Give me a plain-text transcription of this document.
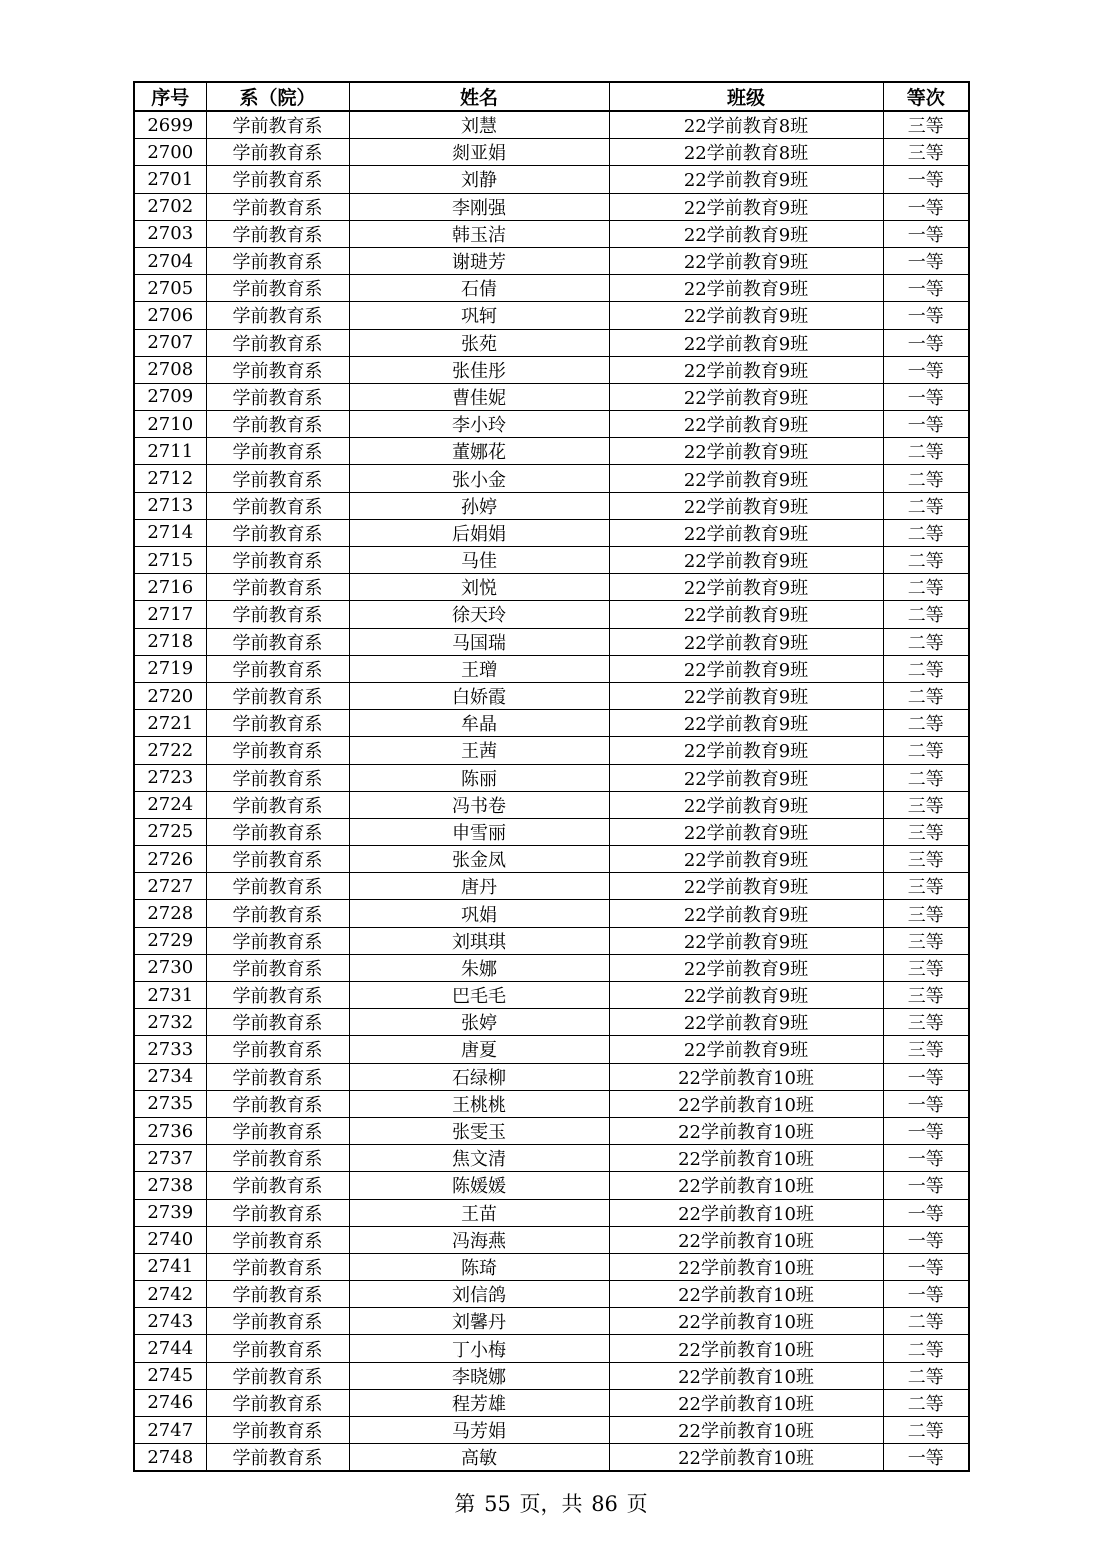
序号	系（院）	姓名	班级	等次
2699	学前教育系	刘慧	22学前教育8班	三等
2700	学前教育系	剡亚娟	22学前教育8班	三等
2701	学前教育系	刘静	22学前教育9班	一等
2702	学前教育系	李刚强	22学前教育9班	一等
2703	学前教育系	韩玉洁	22学前教育9班	一等
2704	学前教育系	谢琎芳	22学前教育9班	一等
2705	学前教育系	石倩	22学前教育9班	一等
2706	学前教育系	巩轲	22学前教育9班	一等
2707	学前教育系	张苑	22学前教育9班	一等
2708	学前教育系	张佳彤	22学前教育9班	一等
2709	学前教育系	曹佳妮	22学前教育9班	一等
2710	学前教育系	李小玲	22学前教育9班	一等
2711	学前教育系	董娜花	22学前教育9班	二等
2712	学前教育系	张小金	22学前教育9班	二等
2713	学前教育系	孙婷	22学前教育9班	二等
2714	学前教育系	后娟娟	22学前教育9班	二等
2715	学前教育系	马佳	22学前教育9班	二等
2716	学前教育系	刘悦	22学前教育9班	二等
2717	学前教育系	徐天玲	22学前教育9班	二等
2718	学前教育系	马国瑞	22学前教育9班	二等
2719	学前教育系	王璔	22学前教育9班	二等
2720	学前教育系	白娇霞	22学前教育9班	二等
2721	学前教育系	牟晶	22学前教育9班	二等
2722	学前教育系	王茜	22学前教育9班	二等
2723	学前教育系	陈丽	22学前教育9班	二等
2724	学前教育系	冯书卷	22学前教育9班	三等
2725	学前教育系	申雪丽	22学前教育9班	三等
2726	学前教育系	张金凤	22学前教育9班	三等
2727	学前教育系	唐丹	22学前教育9班	三等
2728	学前教育系	巩娟	22学前教育9班	三等
2729	学前教育系	刘琪琪	22学前教育9班	三等
2730	学前教育系	朱娜	22学前教育9班	三等
2731	学前教育系	巴毛毛	22学前教育9班	三等
2732	学前教育系	张婷	22学前教育9班	三等
2733	学前教育系	唐夏	22学前教育9班	三等
2734	学前教育系	石绿柳	22学前教育10班	一等
2735	学前教育系	王桃桃	22学前教育10班	一等
2736	学前教育系	张雯玉	22学前教育10班	一等
2737	学前教育系	焦文清	22学前教育10班	一等
2738	学前教育系	陈媛媛	22学前教育10班	一等
2739	学前教育系	王苗	22学前教育10班	一等
2740	学前教育系	冯海燕	22学前教育10班	一等
2741	学前教育系	陈琦	22学前教育10班	一等
2742	学前教育系	刘信鸽	22学前教育10班	一等
2743	学前教育系	刘馨丹	22学前教育10班	二等
2744	学前教育系	丁小梅	22学前教育10班	二等
2745	学前教育系	李晓娜	22学前教育10班	二等
2746	学前教育系	程芳雄	22学前教育10班	二等
2747	学前教育系	马芳娟	22学前教育10班	二等
2748	学前教育系	高敏	22学前教育10班	一等
第 55 页，共 86 页
